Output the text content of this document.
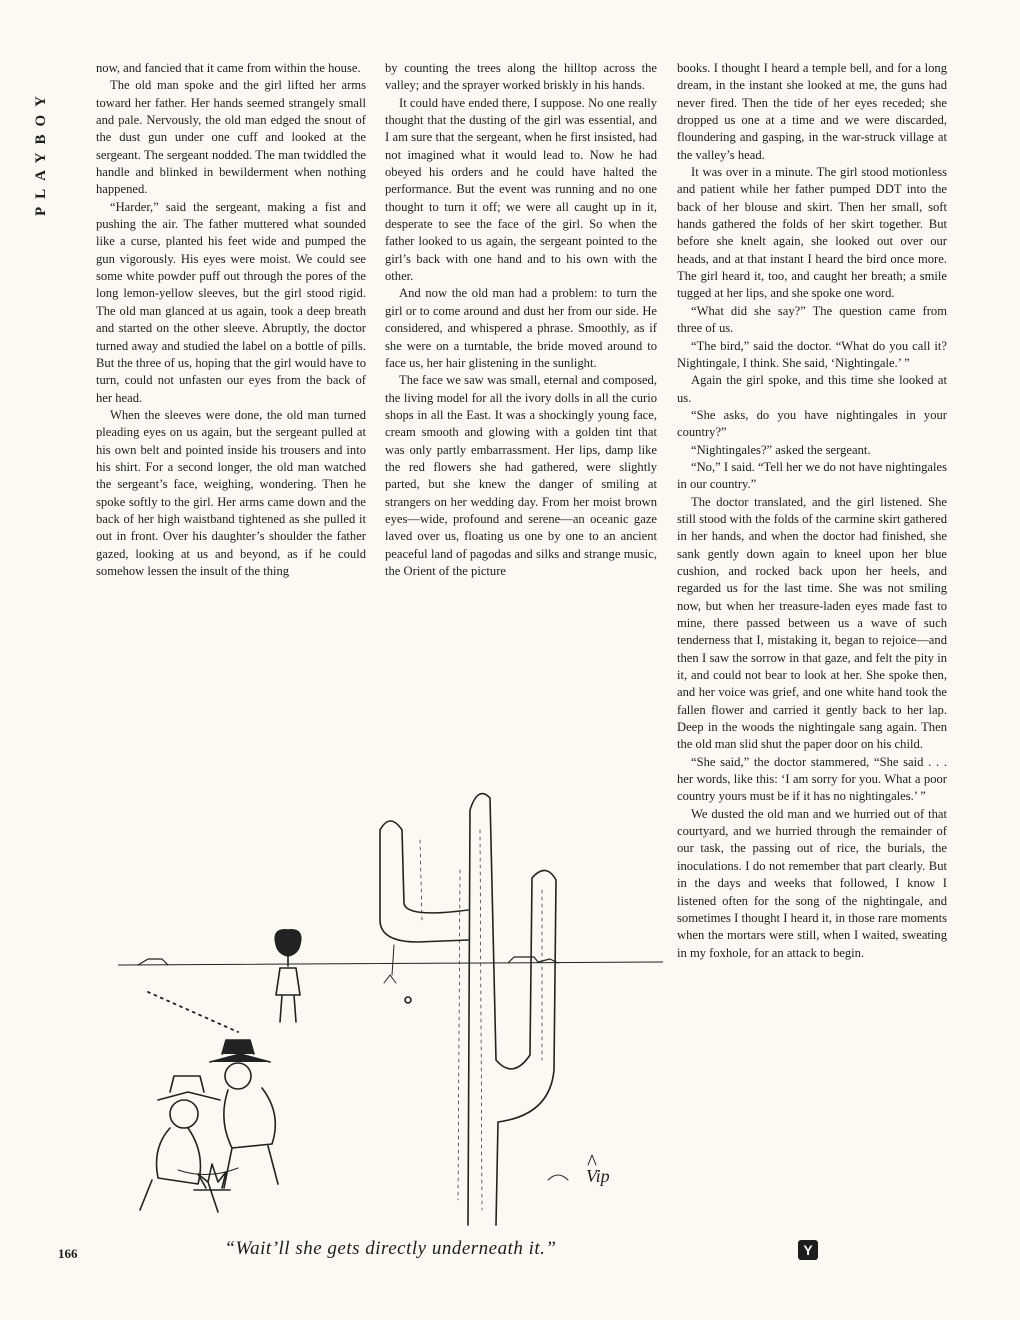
PLAYBOY

now, and fancied that it came from within the house.

The old man spoke and the girl lifted her arms toward her father. Her hands seemed strangely small and pale. Nervously, the old man edged the snout of the dust gun under one cuff and looked at the sergeant. The sergeant nodded. The man twiddled the handle and blinked in bewilderment when nothing happened.

“Harder,” said the sergeant, making a fist and pushing the air. The father muttered what sounded like a curse, planted his feet wide and pumped the gun vigorously. His eyes were moist. We could see some white powder puff out through the pores of the long lemon-yellow sleeves, but the girl stood rigid. The old man glanced at us again, took a deep breath and started on the other sleeve. Abruptly, the doctor turned away and studied the label on a bottle of pills. But the three of us, hoping that the girl would have to turn, could not unfasten our eyes from the back of her head.

When the sleeves were done, the old man turned pleading eyes on us again, but the sergeant pulled at his own belt and pointed inside his trousers and into his shirt. For a second longer, the old man watched the sergeant’s face, weighing, wondering. Then he spoke softly to the girl. Her arms came down and the back of her high waistband tightened as she pulled it out in front. Over his daughter’s shoulder the father gazed, looking at us and beyond, as if he could somehow lessen the insult of the thing

by counting the trees along the hilltop across the valley; and the sprayer worked briskly in his hands.

It could have ended there, I suppose. No one really thought that the dusting of the girl was essential, and I am sure that the sergeant, when he first insisted, had not imagined what it would lead to. Now he had obeyed his orders and he could have halted the performance. But the event was running and no one thought to turn it off; we were all caught up in it, desperate to see the face of the girl. So when the father looked to us again, the sergeant pointed to the girl’s back with one hand and to his own with the other.

And now the old man had a problem: to turn the girl or to come around and dust her from our side. He considered, and whispered a phrase. Smoothly, as if she were on a turntable, the bride moved around to face us, her hair glistening in the sunlight.

The face we saw was small, eternal and composed, the living model for all the ivory dolls in all the curio shops in all the East. It was a shockingly young face, cream smooth and glowing with a golden tint that was only partly embarrassment. Her lips, damp like the red flowers she had gathered, were slightly parted, but she knew the danger of smiling at strangers on her wedding day. From her moist brown eyes—wide, profound and serene—an oceanic gaze laved over us, floating us one by one to an ancient peaceful land of pagodas and silks and strange music, the Orient of the picture

books. I thought I heard a temple bell, and for a long dream, in the instant she looked at me, the guns had never fired. Then the tide of her eyes receded; she dropped us one at a time and we were discarded, floundering and gasping, in the war-struck village at the valley’s head.

It was over in a minute. The girl stood motionless and patient while her father pumped DDT into the back of her blouse and skirt. Then her small, soft hands gathered the folds of her skirt together. But before she knelt again, she looked out over our heads, and at that instant I heard the bird once more. The girl heard it, too, and caught her breath; a smile tugged at her lips, and she spoke one word.

“What did she say?” The question came from three of us.

“The bird,” said the doctor. “What do you call it? Nightingale, I think. She said, ‘Nightingale.’ ”

Again the girl spoke, and this time she looked at us.

“She asks, do you have nightingales in your country?”

“Nightingales?” asked the sergeant.

“No,” I said. “Tell her we do not have nightingales in our country.”

The doctor translated, and the girl listened. She still stood with the folds of the carmine skirt gathered in her hands, and when the doctor had finished, she sank gently down again to kneel upon her blue cushion, and rocked back upon her heels, and regarded us for the last time. She was not smiling now, but when her treasure-laden eyes made fast to mine, there passed between us a wave of such tenderness that I, mistaking it, began to rejoice—and then I saw the sorrow in that gaze, and felt the pity in it, and could not bear to look at her. She spoke then, and her voice was grief, and one white hand took the fallen flower and carried it gently back to her lap. Deep in the woods the nightingale sang again. Then the old man slid shut the paper door on his child.

“She said,” the doctor stammered, “She said . . . her words, like this: ‘I am sorry for you. What a poor country yours must be if it has no nightingales.’ ”

We dusted the old man and we hurried out of that courtyard, and we hurried through the remainder of our task, the passing out of rice, the burials, the inoculations. I do not remember that part clearly. But in the days and weeks that followed, I know I listened often for the song of the nightingale, and sometimes I thought I heard it, in those rare moments when the mortars were still, when I waited, sweating in my foxhole, for an attack to begin.

Vip
“Wait’ll she gets directly underneath it.”
166	Y
